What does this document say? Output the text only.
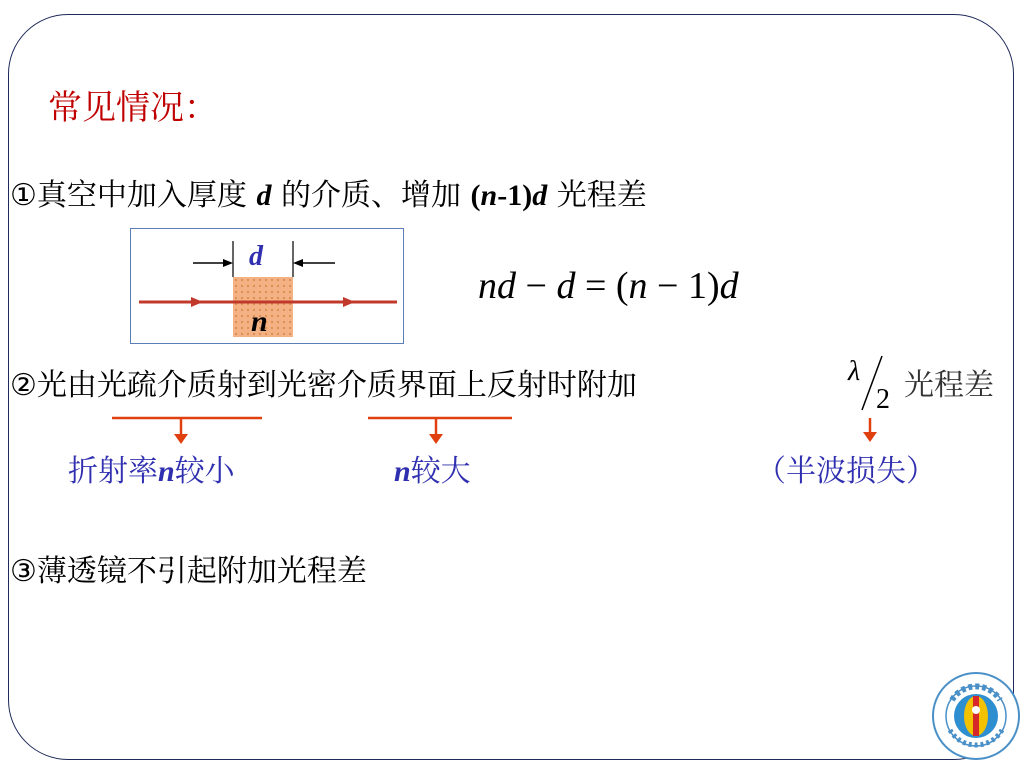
常见情况：
①真空中加入厚度 d 的介质、增加 (n-1)d 光程差
d
n
nd − d = (n − 1)d
②光由光疏介质射到光密介质界面上反射时附加	λ
2 光程差
折射率n较小	n较大	（半波损失）
③薄透镜不引起附加光程差
